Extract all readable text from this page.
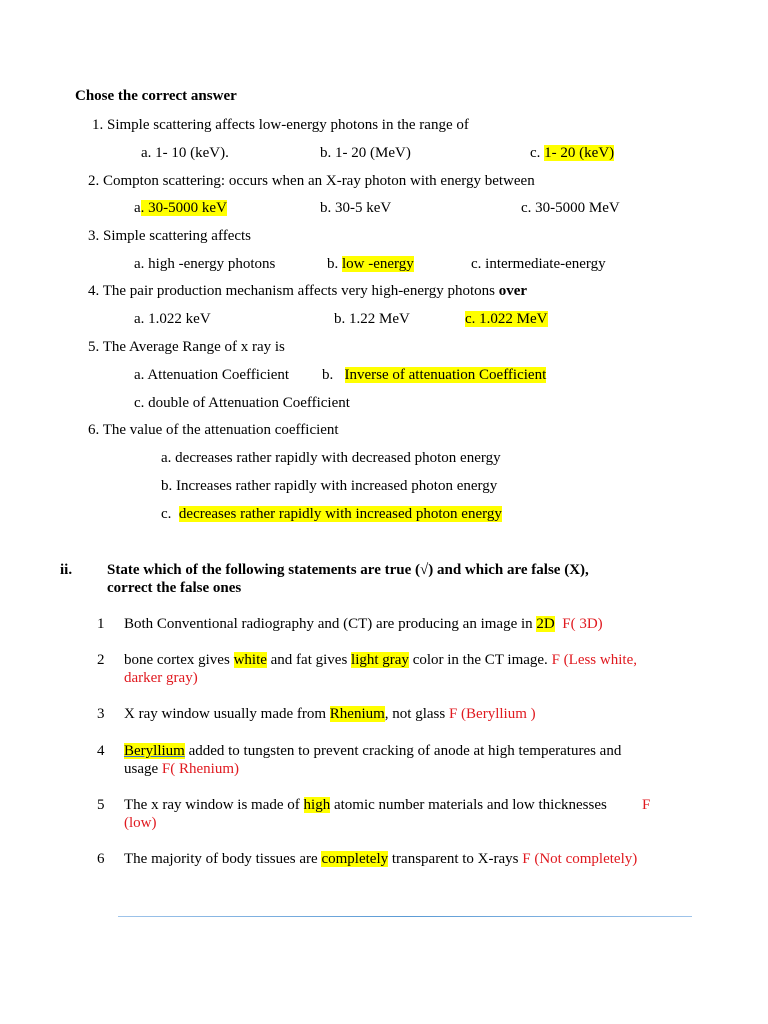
Chose the correct answer
1. Simple scattering affects low-energy photons in the range of
a. 1- 10 (keV).	b. 1- 20 (MeV)	c. 1- 20 (keV)
2. Compton scattering: occurs when an X-ray photon with energy between
a. 30-5000 keV	b. 30-5 keV	c. 30-5000 MeV
3. Simple scattering affects
a. high -energy photons	b. low -energy	c. intermediate-energy
4. The pair production mechanism affects very high-energy photons over
a. 1.022 keV	b. 1.22 MeV	c. 1.022 MeV
5. The Average Range of x ray is
a. Attenuation Coefficient b. Inverse of attenuation Coefficient
c. double of Attenuation Coefficient
6. The value of the attenuation coefficient
a. decreases rather rapidly with decreased photon energy
b. Increases rather rapidly with increased photon energy
c. decreases rather rapidly with increased photon energy
ii. State which of the following statements are true (√) and which are false (X),
correct the false ones
1 Both Conventional radiography and (CT) are producing an image in 2D F( 3D)
2 bone cortex gives white and fat gives light gray color in the CT image. F (Less white,
darker gray)
3 X ray window usually made from Rhenium, not glass F (Beryllium )
4 Beryllium added to tungsten to prevent cracking of anode at high temperatures and
usage F( Rhenium)
5 The x ray window is made of high atomic number materials and low thicknesses F
(low)
6 The majority of body tissues are completely transparent to X-rays F (Not completely)
